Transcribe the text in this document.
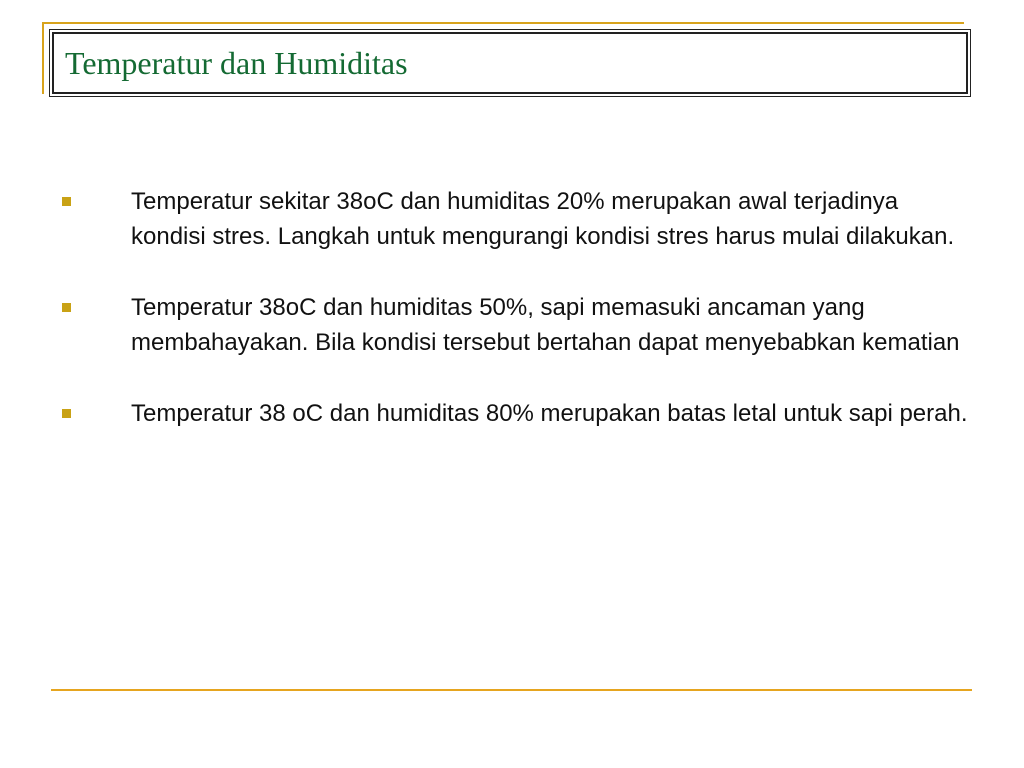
Temperatur dan Humiditas
Temperatur sekitar 38oC dan humiditas 20% merupakan awal terjadinya kondisi stres. Langkah untuk mengurangi kondisi stres harus mulai dilakukan.
Temperatur 38oC dan humiditas 50%, sapi memasuki ancaman yang membahayakan. Bila kondisi tersebut bertahan dapat menyebabkan kematian
Temperatur 38 oC dan humiditas 80% merupakan batas letal untuk sapi perah.
